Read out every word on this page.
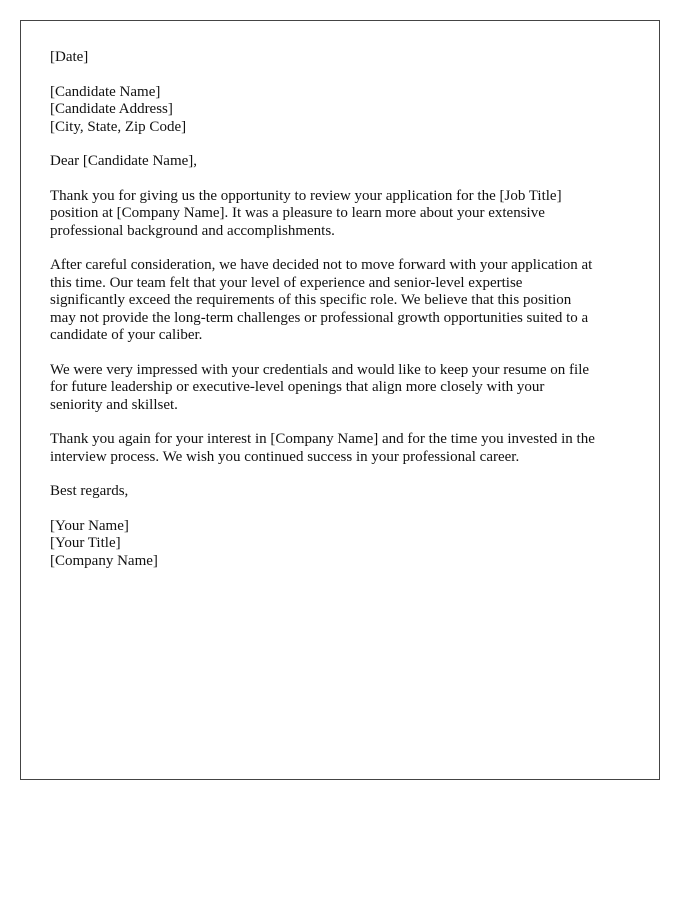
[Date]
[Candidate Name]
[Candidate Address]
[City, State, Zip Code]
Dear [Candidate Name],
Thank you for giving us the opportunity to review your application for the [Job Title]
position at [Company Name]. It was a pleasure to learn more about your extensive
professional background and accomplishments.
After careful consideration, we have decided not to move forward with your application at
this time. Our team felt that your level of experience and senior-level expertise
significantly exceed the requirements of this specific role. We believe that this position
may not provide the long-term challenges or professional growth opportunities suited to a
candidate of your caliber.
We were very impressed with your credentials and would like to keep your resume on file
for future leadership or executive-level openings that align more closely with your
seniority and skillset.
Thank you again for your interest in [Company Name] and for the time you invested in the
interview process. We wish you continued success in your professional career.
Best regards,
[Your Name]
[Your Title]
[Company Name]
